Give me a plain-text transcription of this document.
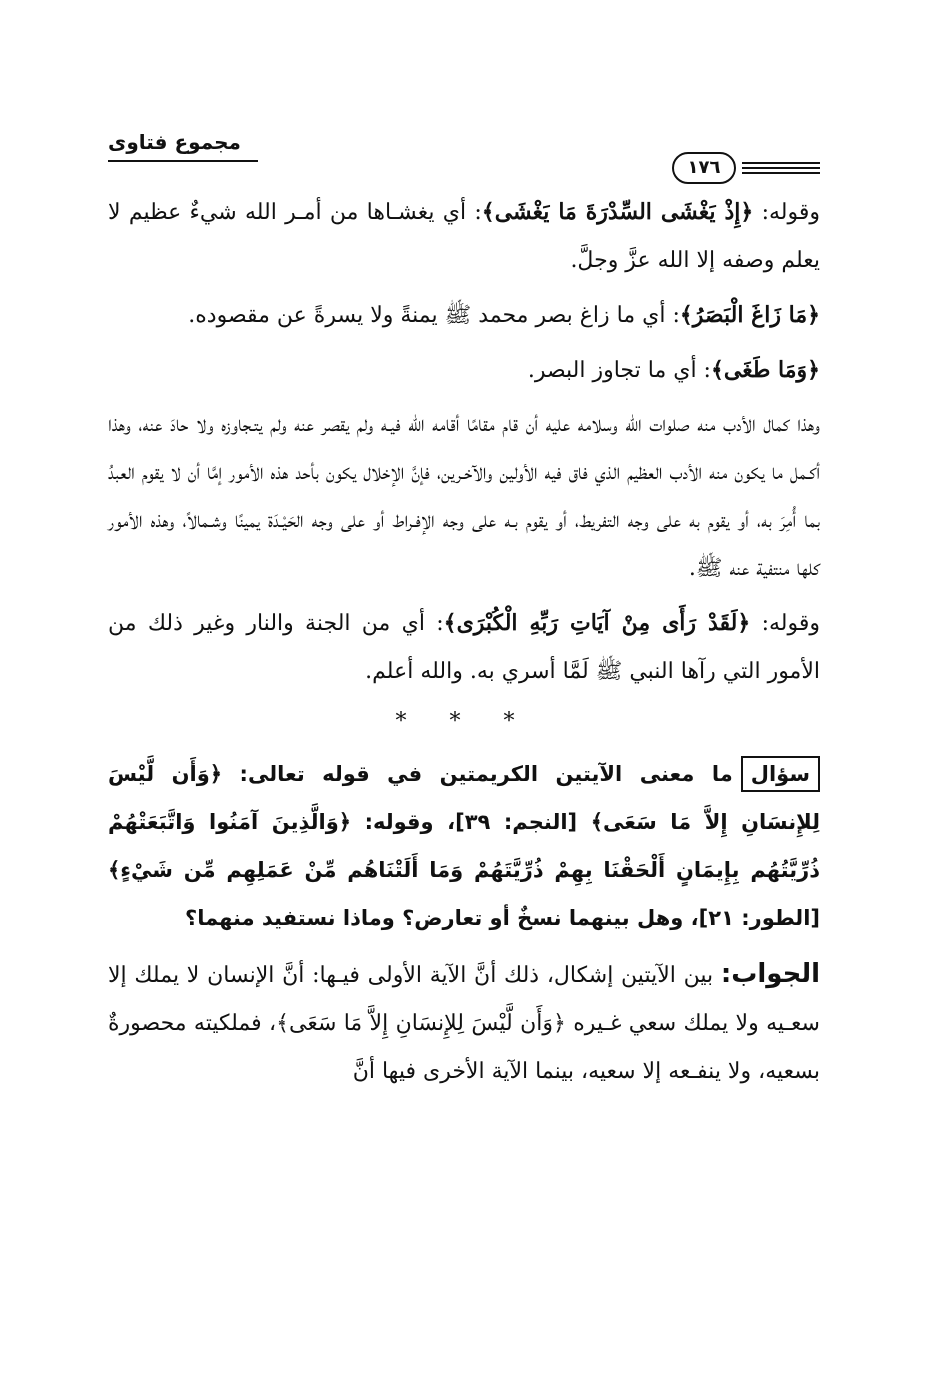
مجموع فتاوى
١٧٦

وقوله: ﴿إِذْ يَغْشَى السِّدْرَةَ مَا يَغْشَى﴾: أي يغشـاها من أمـر الله شيءٌ عظيم لا يعلم وصفه إلا الله عزَّ وجلَّ.

﴿مَا زَاغَ الْبَصَرُ﴾: أي ما زاغ بصر محمد ﷺ يمنةً ولا يسرةً عن مقصوده.

﴿وَمَا طَغَى﴾: أي ما تجاوز البصر.

وهذا كمال الأدب منه صلوات الله وسلامه عليه أن قام مقامًا أقامه الله فيـه ولم يقصر عنه ولم يتـجاوزه ولا حادَ عنه، وهذا أكـمل ما يكون منه الأدب العظيم الذي فاق فيه الأولين والآخـرين، فإنَّ الإخلال يكون بأحد هذه الأمور إمَّا أن لا يقوم العبدُ بما أُمِرَ به، أو يقوم به على وجه التفريط، أو يقوم بـه على وجه الإفـراط أو على وجه الحَيْـدَة يمينًا وشـمالاً، وهذه الأمور كلها منتفية عنه ﷺ.

وقوله: ﴿لَقَدْ رَأَى مِنْ آيَاتِ رَبِّهِ الْكُبْرَى﴾: أي من الجنة والنار وغير ذلك من الأمور التي رآها النبي ﷺ لَمَّا أسري به. والله أعلم.

* * *

سؤالما معنى الآيتين الكريمتين في قوله تعالى: ﴿وَأَن لَّيْسَ لِلإِنسَانِ إِلاَّ مَا سَعَى﴾ [النجم: ٣٩]، وقوله: ﴿وَالَّذِينَ آمَنُوا وَاتَّبَعَتْهُمْ ذُرِّيَّتُهُم بِإِيمَانٍ أَلْحَقْنَا بِهِمْ ذُرِّيَّتَهُمْ وَمَا أَلَتْنَاهُم مِّنْ عَمَلِهِم مِّن شَيْءٍ﴾ [الطور: ٢١]، وهل بينهما نسخٌ أو تعارض؟ وماذا نستفيد منهما؟

الجواب: بين الآيتين إشكال، ذلك أنَّ الآية الأولى فيـها: أنَّ الإنسان لا يملك إلا سعـيه ولا يملك سعي غـيره ﴿وَأَن لَّيْسَ لِلإِنسَانِ إِلاَّ مَا سَعَى﴾، فملكيته محصورةٌ بسعيه، ولا ينفـعه إلا سعيه، بينما الآية الأخرى فيها أنَّ
